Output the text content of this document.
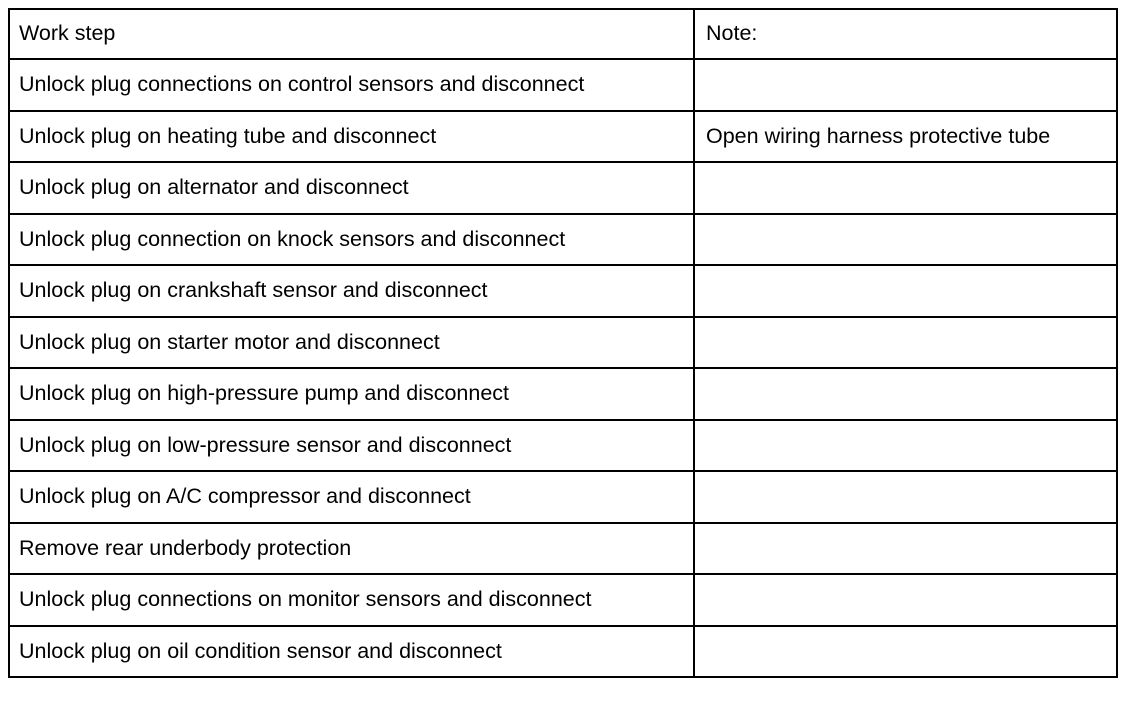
Work step	Note:
Unlock plug connections on control sensors and disconnect	
Unlock plug on heating tube and disconnect	Open wiring harness protective tube
Unlock plug on alternator and disconnect	
Unlock plug connection on knock sensors and disconnect	
Unlock plug on crankshaft sensor and disconnect	
Unlock plug on starter motor and disconnect	
Unlock plug on high-pressure pump and disconnect	
Unlock plug on low-pressure sensor and disconnect	
Unlock plug on A/C compressor and disconnect	
Remove rear underbody protection	
Unlock plug connections on monitor sensors and disconnect	
Unlock plug on oil condition sensor and disconnect	
